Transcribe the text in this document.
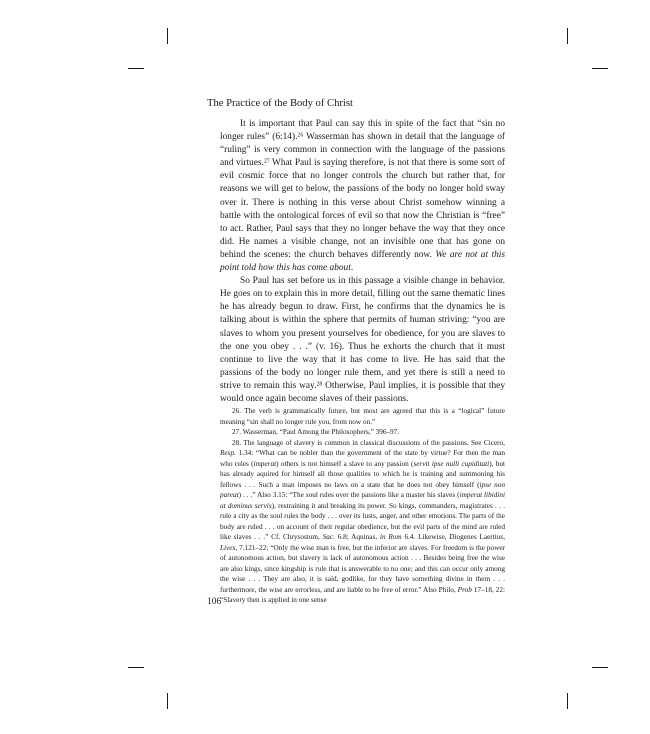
The Practice of the Body of Christ

It is important that Paul can say this in spite of the fact that “sin no longer rules” (6:14).$^{26}$ Wasserman has shown in detail that the language of “ruling” is very common in connection with the language of the passions and virtues.$^{27}$ What Paul is saying therefore, is not that there is some sort of evil cosmic force that no longer controls the church but rather that, for reasons we will get to below, the passions of the body no longer hold sway over it. There is nothing in this verse about Christ somehow winning a battle with the ontological forces of evil so that now the Christian is “free” to act. Rather, Paul says that they no longer behave the way that they once did. He names a visible change, not an invisible one that has gone on behind the scenes: the church behaves differently now. We are not at this point told how this has come about.

So Paul has set before us in this passage a visible change in behavior. He goes on to explain this in more detail, filling out the same thematic lines he has already begun to draw. First, he confirms that the dynamics he is talking about is within the sphere that permits of human striving: “you are slaves to whom you present yourselves for obedience, for you are slaves to the one you obey . . .” (v. 16). Thus he exhorts the church that it must continue to live the way that it has come to live. He has said that the passions of the body no longer rule them, and yet there is still a need to strive to remain this way.$^{28}$ Otherwise, Paul implies, it is possible that they would once again become slaves of their passions.

26. The verb is grammatically future, but most are agreed that this is a “logical” future meaning “sin shall no longer rule you, from now on.”

27. Wasserman, “Paul Among the Philosophers,” 396–97.

28. The language of slavery is common in classical discussions of the passions. See Cicero, Resp. 1.34: “What can be nobler than the government of the state by virtue? For then the man who rules (imperat) others is not himself a slave to any passion (servit ipse nulli cupiditati), but has already aquired for himself all those qualities to which he is training and summoning his fellows . . . Such a man imposes no laws on a state that he does not obey himself (ipse non pareat) . . .” Also 3.15: “The soul rules over the passions like a master his slaves (imperat libidini ut dominus servis), restraining it and breaking its power. So kings, commanders, magistrates . . . rule a city as the soul rules the body . . . over its lusts, anger, and other emotions. The parts of the body are ruled . . . on account of their regular obedience, but the evil parts of the mind are ruled like slaves . . .” Cf. Chrysostom, Sac. 6.8; Aquinas, in Rom 6.4. Likewise, Diogenes Laertius, Lives, 7.121–22: “Only the wise man is free, but the inferior are slaves. For freedom is the power of autonomous action, but slavery is lack of autonomous action . . . Besides being free the wise are also kings, since kingship is rule that is answerable to no one; and this can occur only among the wise . . . They are also, it is said, godlike, for they have something divine in them . . . furthermore, the wise are errorless, and are liable to be free of error.” Also Philo, Prob 17–18, 22: “Slavery then is applied in one sense

106
